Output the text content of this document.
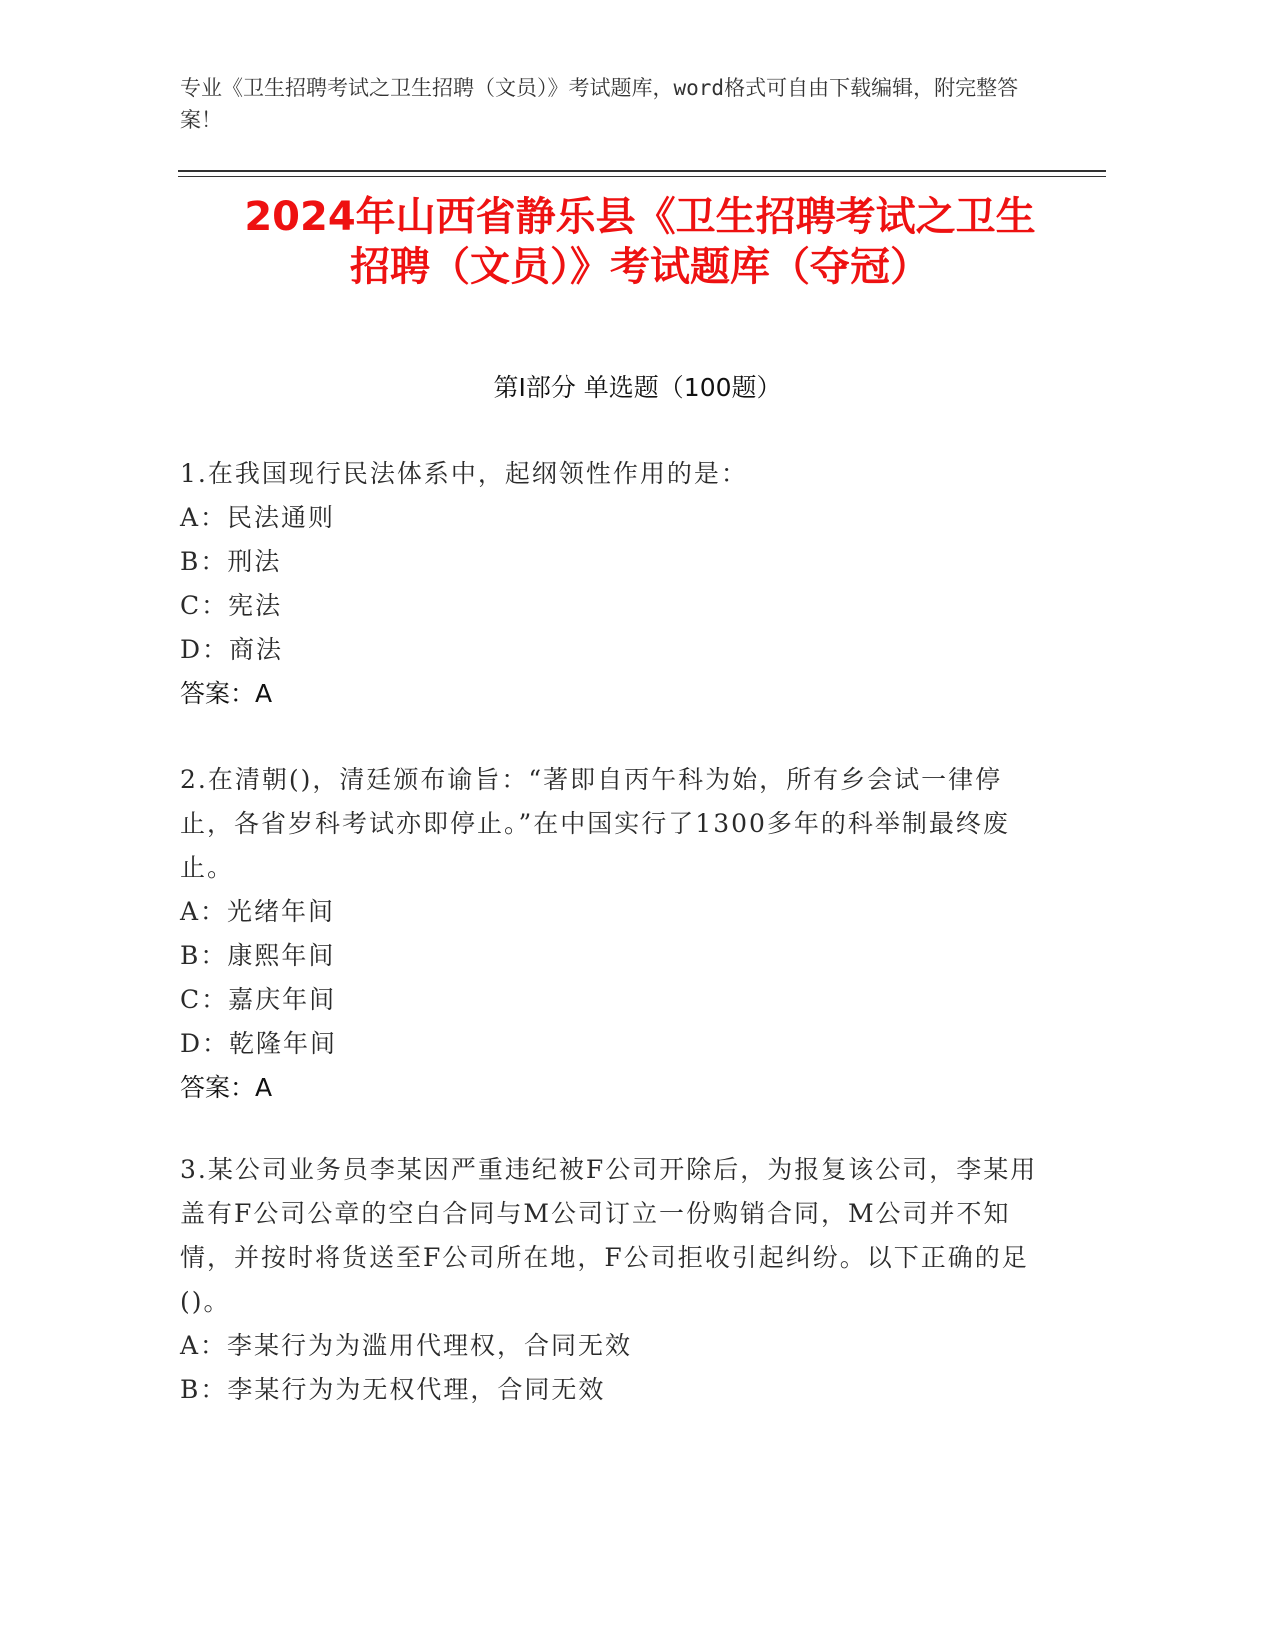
专业《卫生招聘考试之卫生招聘（文员）》考试题库，word格式可自由下载编辑，附完整答案！
2024年山西省静乐县《卫生招聘考试之卫生
招聘（文员）》考试题库（夺冠）
第Ⅰ部分 单选题（100题）

1.在我国现行民法体系中，起纲领性作用的是：

A：民法通则

B：刑法

C：宪法

D：商法

答案：A

2.在清朝()，清廷颁布谕旨：“著即自丙午科为始，所有乡会试一律停止，各省岁科考试亦即停止。”在中国实行了1300多年的科举制最终废止。

A：光绪年间

B：康熙年间

C：嘉庆年间

D：乾隆年间

答案：A

3.某公司业务员李某因严重违纪被F公司开除后，为报复该公司，李某用盖有F公司公章的空白合同与M公司订立一份购销合同，M公司并不知情，并按时将货送至F公司所在地，F公司拒收引起纠纷。以下正确的足()。

A：李某行为为滥用代理权，合同无效

B：李某行为为无权代理，合同无效
